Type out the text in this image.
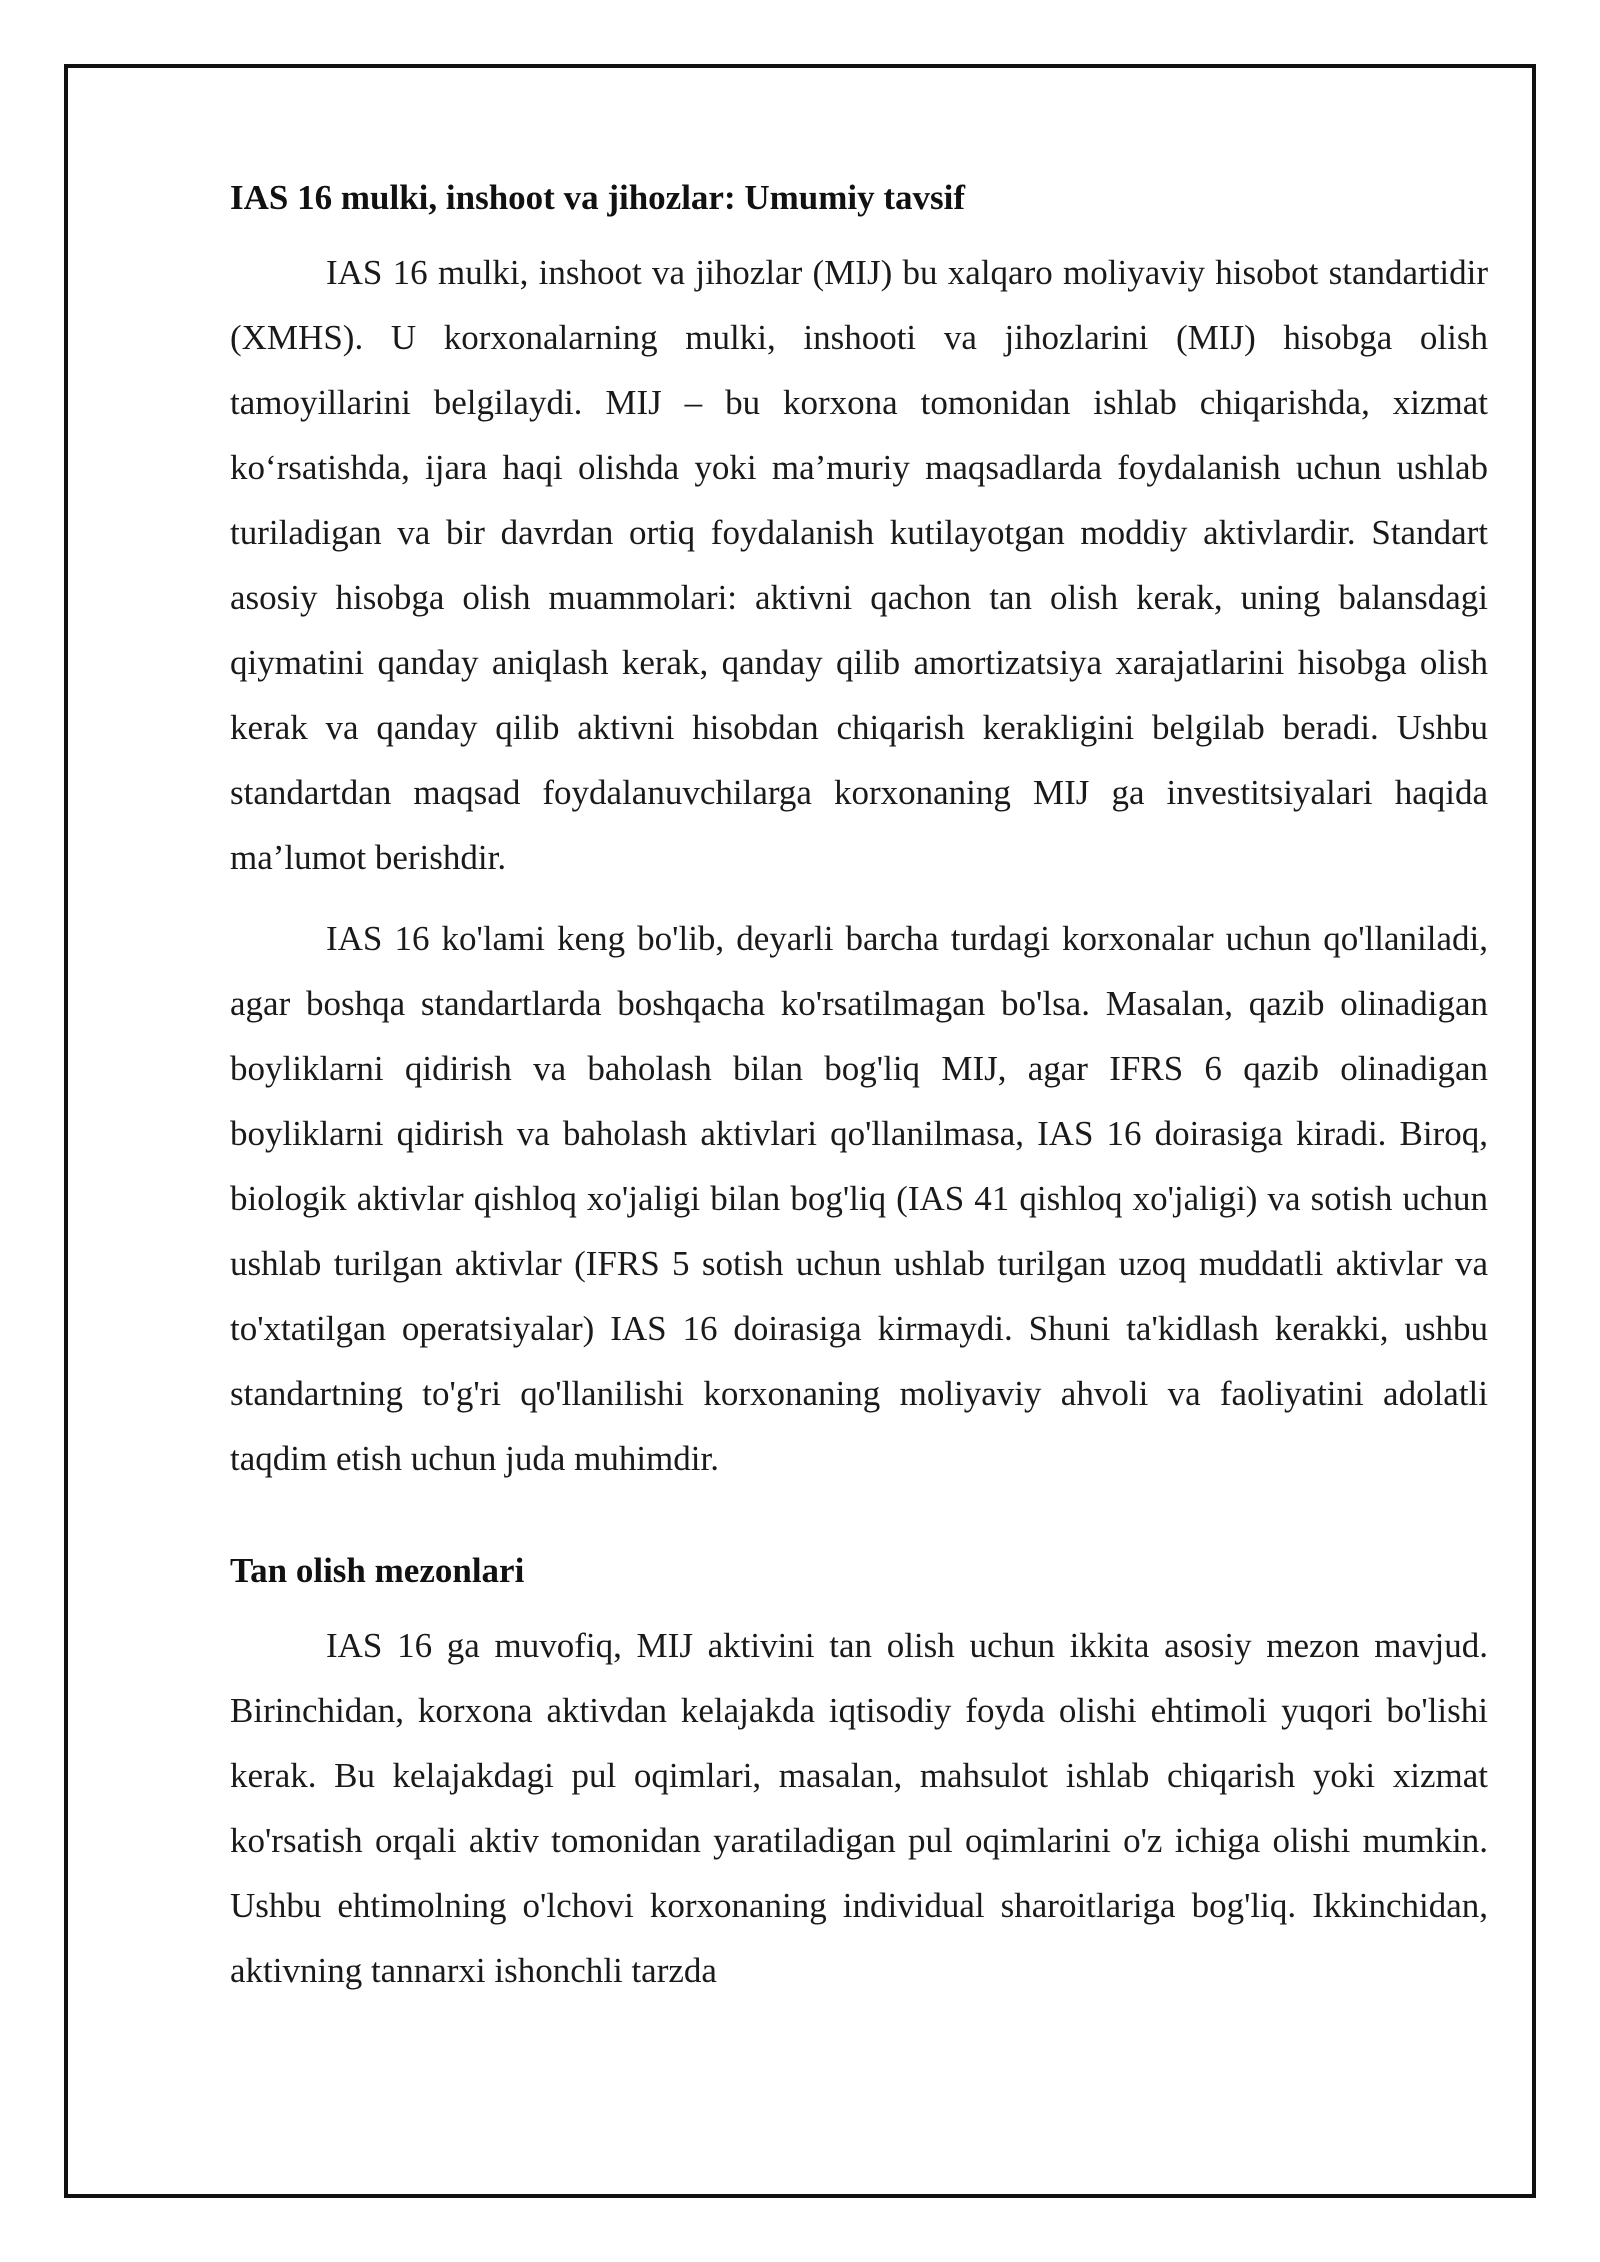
IAS 16 mulki, inshoot va jihozlar: Umumiy tavsif

IAS 16 mulki, inshoot va jihozlar (MIJ) bu xalqaro moliyaviy hisobot standartidir (XMHS). U korxonalarning mulki, inshooti va jihozlarini (MIJ) hisobga olish tamoyillarini belgilaydi. MIJ – bu korxona tomonidan ishlab chiqarishda, xizmat ko‘rsatishda, ijara haqi olishda yoki ma’muriy maqsadlarda foydalanish uchun ushlab turiladigan va bir davrdan ortiq foydalanish kutilayotgan moddiy aktivlardir. Standart asosiy hisobga olish muammolari: aktivni qachon tan olish kerak, uning balansdagi qiymatini qanday aniqlash kerak, qanday qilib amortizatsiya xarajatlarini hisobga olish kerak va qanday qilib aktivni hisobdan chiqarish kerakligini belgilab beradi. Ushbu standartdan maqsad foydalanuvchilarga korxonaning MIJ ga investitsiyalari haqida ma’lumot berishdir.

IAS 16 ko'lami keng bo'lib, deyarli barcha turdagi korxonalar uchun qo'llaniladi, agar boshqa standartlarda boshqacha ko'rsatilmagan bo'lsa. Masalan, qazib olinadigan boyliklarni qidirish va baholash bilan bog'liq MIJ, agar IFRS 6 qazib olinadigan boyliklarni qidirish va baholash aktivlari qo'llanilmasa, IAS 16 doirasiga kiradi. Biroq, biologik aktivlar qishloq xo'jaligi bilan bog'liq (IAS 41 qishloq xo'jaligi) va sotish uchun ushlab turilgan aktivlar (IFRS 5 sotish uchun ushlab turilgan uzoq muddatli aktivlar va to'xtatilgan operatsiyalar) IAS 16 doirasiga kirmaydi. Shuni ta'kidlash kerakki, ushbu standartning to'g'ri qo'llanilishi korxonaning moliyaviy ahvoli va faoliyatini adolatli taqdim etish uchun juda muhimdir.

Tan olish mezonlari

IAS 16 ga muvofiq, MIJ aktivini tan olish uchun ikkita asosiy mezon mavjud. Birinchidan, korxona aktivdan kelajakda iqtisodiy foyda olishi ehtimoli yuqori bo'lishi kerak. Bu kelajakdagi pul oqimlari, masalan, mahsulot ishlab chiqarish yoki xizmat ko'rsatish orqali aktiv tomonidan yaratiladigan pul oqimlarini o'z ichiga olishi mumkin. Ushbu ehtimolning o'lchovi korxonaning individual sharoitlariga bog'liq. Ikkinchidan, aktivning tannarxi ishonchli tarzda
